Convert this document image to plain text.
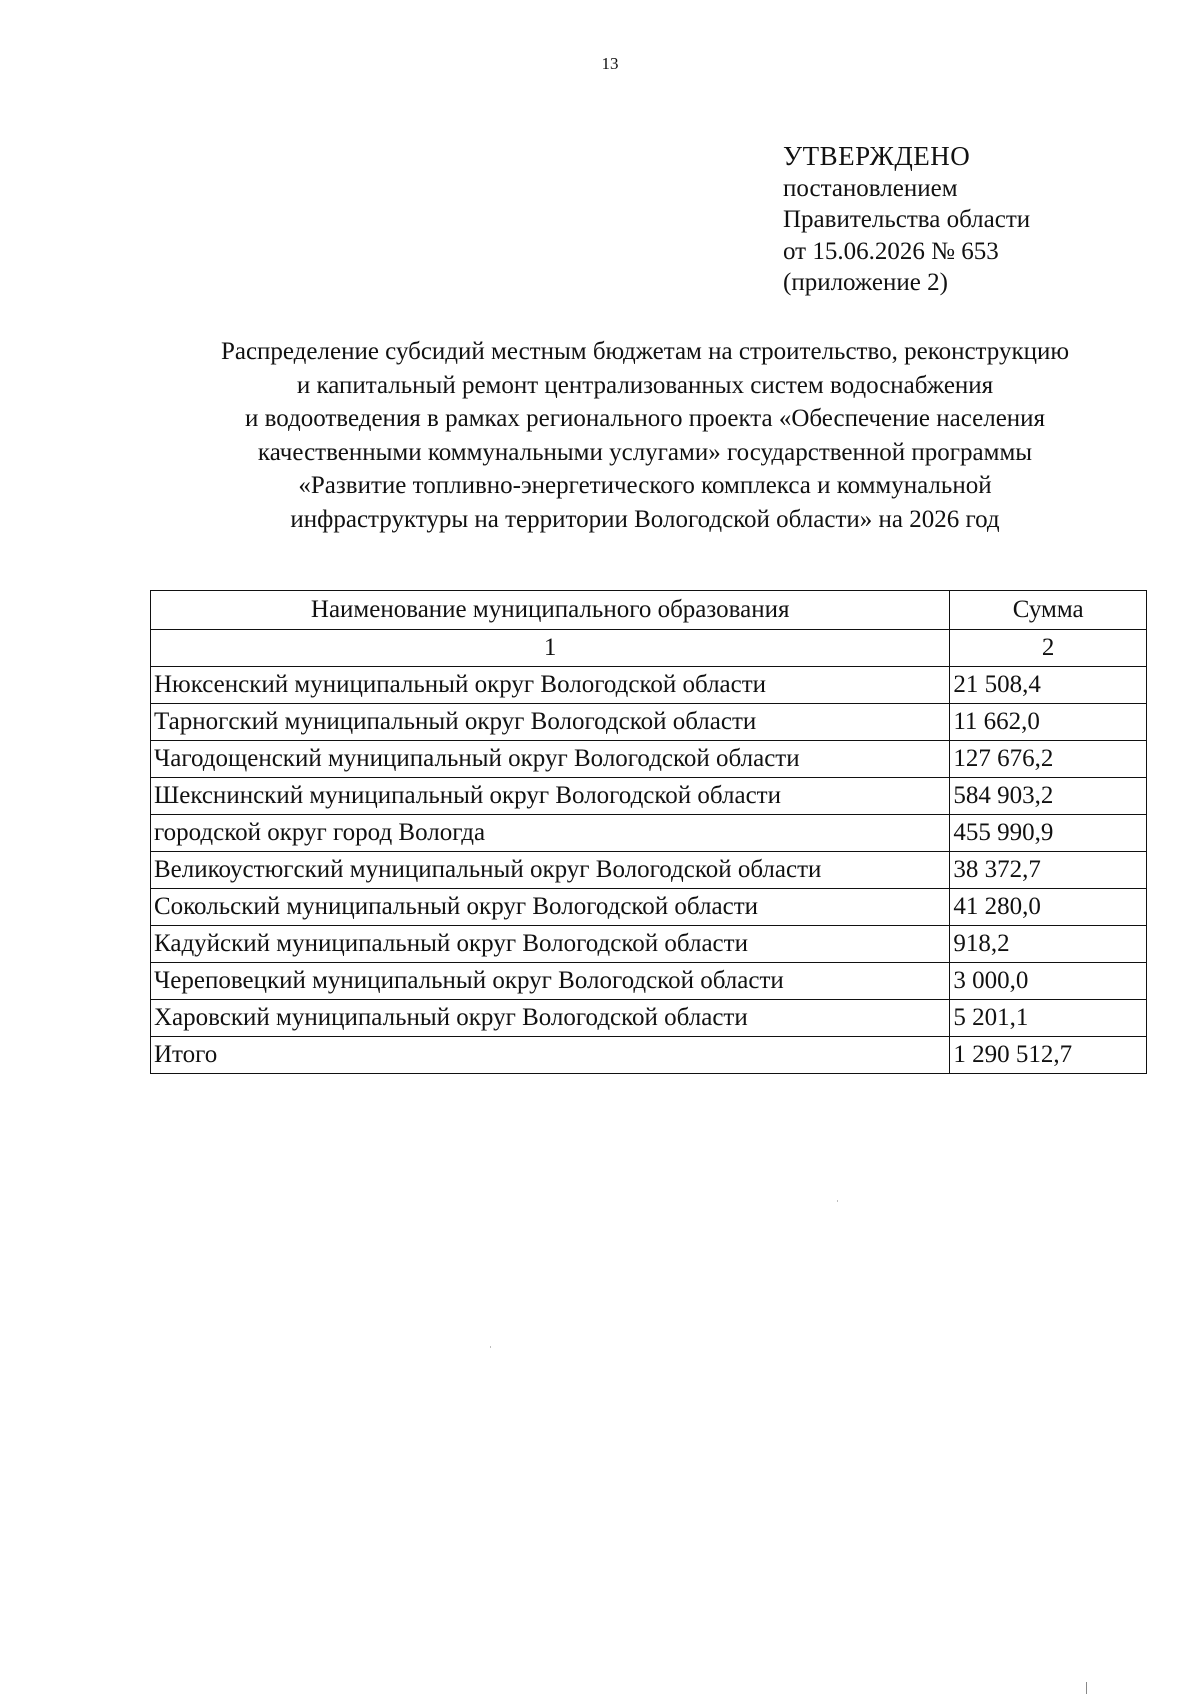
13
УТВЕРЖДЕНО
постановлением
Правительства области
от 15.06.2026 № 653
(приложение 2)
Распределение субсидий местным бюджетам на строительство, реконструкцию
и капитальный ремонт централизованных систем водоснабжения
и водоотведения в рамках регионального проекта «Обеспечение населения
качественными коммунальными услугами» государственной программы
«Развитие топливно-энергетического комплекса и коммунальной
инфраструктуры на территории Вологодской области» на 2026 год
Наименование муниципального образования	Сумма
1	2
Нюксенский муниципальный округ Вологодской области	21 508,4
Тарногский муниципальный округ Вологодской области	11 662,0
Чагодощенский муниципальный округ Вологодской области	127 676,2
Шекснинский муниципальный округ Вологодской области	584 903,2
городской округ город Вологда	455 990,9
Великоустюгский муниципальный округ Вологодской области	38 372,7
Сокольский муниципальный округ Вологодской области	41 280,0
Кадуйский муниципальный округ Вологодской области	918,2
Череповецкий муниципальный округ Вологодской области	3 000,0
Харовский муниципальный округ Вологодской области	5 201,1
Итого	1 290 512,7
